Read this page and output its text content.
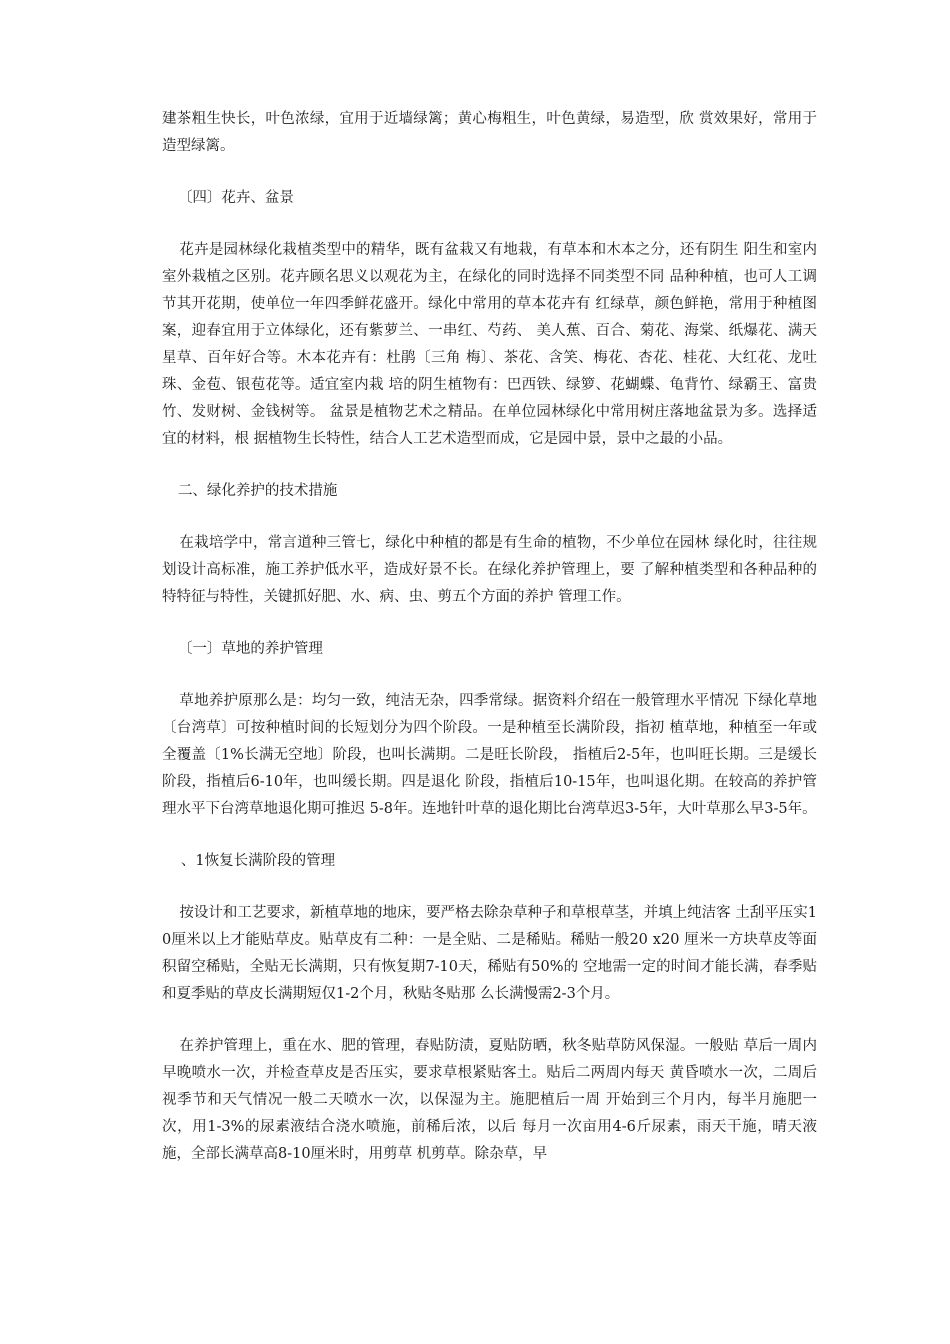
建茶粗生快长，叶色浓绿，宜用于近墙绿篱；黄心梅粗生，叶色黄绿，易造型，欣 赏效果好，常用于造型绿篱。

〔四〕花卉、盆景

花卉是园林绿化栽植类型中的精华，既有盆栽又有地栽，有草本和木本之分，还有阴生 阳生和室内室外栽植之区别。花卉顾名思义以观花为主，在绿化的同时选择不同类型不同 品种种植，也可人工调节其开花期，使单位一年四季鲜花盛开。绿化中常用的草本花卉有 红绿草，颜色鲜艳，常用于种植图案，迎春宜用于立体绿化，还有紫萝兰、一串红、芍药、 美人蕉、百合、菊花、海棠、纸爆花、满天星草、百年好合等。木本花卉有：杜鹃〔三角 梅〕、茶花、含笑、梅花、杏花、桂花、大红花、龙吐珠、金苞、银苞花等。适宜室内栽 培的阴生植物有：巴西铁、绿箩、花蝴蝶、龟背竹、绿霸王、富贵竹、发财树、金钱树等。 盆景是植物艺术之精品。在单位园林绿化中常用树庄落地盆景为多。选择适宜的材料，根 据植物生长特性，结合人工艺术造型而成，它是园中景，景中之最的小品。

二、绿化养护的技术措施

在栽培学中，常言道种三管七，绿化中种植的都是有生命的植物，不少单位在园林 绿化时，往往规划设计高标准，施工养护低水平，造成好景不长。在绿化养护管理上，要 了解种植类型和各种品种的特特征与特性，关键抓好肥、水、病、虫、剪五个方面的养护 管理工作。

〔一〕草地的养护管理

草地养护原那么是：均匀一致，纯洁无杂，四季常绿。据资料介绍在一般管理水平情况 下绿化草地〔台湾草〕可按种植时间的长短划分为四个阶段。一是种植至长满阶段，指初 植草地，种植至一年或全覆盖〔1%长满无空地〕阶段，也叫长满期。二是旺长阶段， 指植后2-5年，也叫旺长期。三是缓长阶段，指植后6-10年，也叫缓长期。四是退化 阶段，指植后10-15年，也叫退化期。在较高的养护管理水平下台湾草地退化期可推迟 5-8年。连地针叶草的退化期比台湾草迟3-5年，大叶草那么早3-5年。

、1恢复长满阶段的管理

按设计和工艺要求，新植草地的地床，要严格去除杂草种子和草根草茎，并填上纯洁客 土刮平压实10厘米以上才能贴草皮。贴草皮有二种：一是全贴、二是稀贴。稀贴一般20 x20 厘米一方块草皮等面积留空稀贴，全贴无长满期，只有恢复期7-10天，稀贴有50%的 空地需一定的时间才能长满，春季贴和夏季贴的草皮长满期短仅1-2个月，秋贴冬贴那 么长满慢需2-3个月。

在养护管理上，重在水、肥的管理，春贴防渍，夏贴防晒，秋冬贴草防风保湿。一般贴 草后一周内早晚喷水一次，并检查草皮是否压实，要求草根紧贴客土。贴后二两周内每天 黄昏喷水一次，二周后视季节和天气情况一般二天喷水一次，以保湿为主。施肥植后一周 开始到三个月内，每半月施肥一次，用1-3%的尿素液结合浇水喷施，前稀后浓，以后 每月一次亩用4-6斤尿素，雨天干施，晴天液施，全部长满草高8-10厘米时，用剪草 机剪草。除杂草，早
